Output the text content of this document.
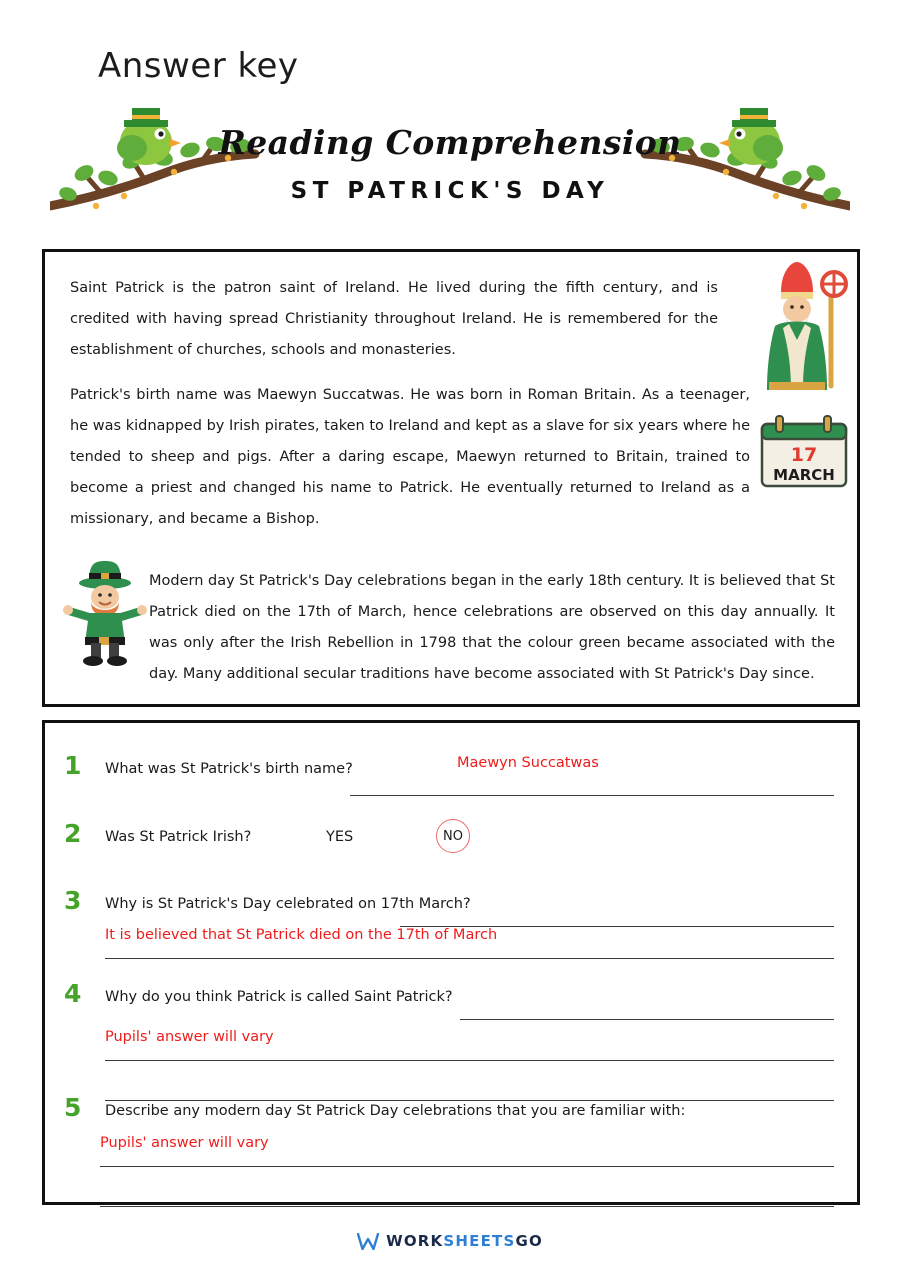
Answer key
Reading Comprehension
ST PATRICK'S DAY
Saint Patrick is the patron saint of Ireland. He lived during the fifth century, and is credited with having spread Christianity throughout Ireland. He is remembered for the establishment of churches, schools and monasteries.
Patrick's birth name was Maewyn Succatwas. He was born in Roman Britain. As a teenager, he was kidnapped by Irish pirates, taken to Ireland and kept as a slave for six years where he tended to sheep and pigs. After a daring escape, Maewyn returned to Britain, trained to become a priest and changed his name to Patrick. He eventually returned to Ireland as a missionary, and became a Bishop.
Modern day St Patrick's Day celebrations began in the early 18th century. It is believed that St Patrick died on the 17th of March, hence celebrations are observed on this day annually. It was only after the Irish Rebellion in 1798 that the colour green became associated with the day. Many additional secular traditions have become associated with St Patrick's Day since.
17
MARCH
1 What was St Patrick's birth name?	Maewyn Succatwas
2 Was St Patrick Irish?	YES	NO
3 Why is St Patrick's Day celebrated on 17th March?
It is believed that St Patrick died on the 17th of March
4 Why do you think Patrick is called Saint Patrick?
Pupils' answer will vary
5 Describe any modern day St Patrick Day celebrations that you are familiar with:
Pupils' answer will vary
WORKSHEETSGO
